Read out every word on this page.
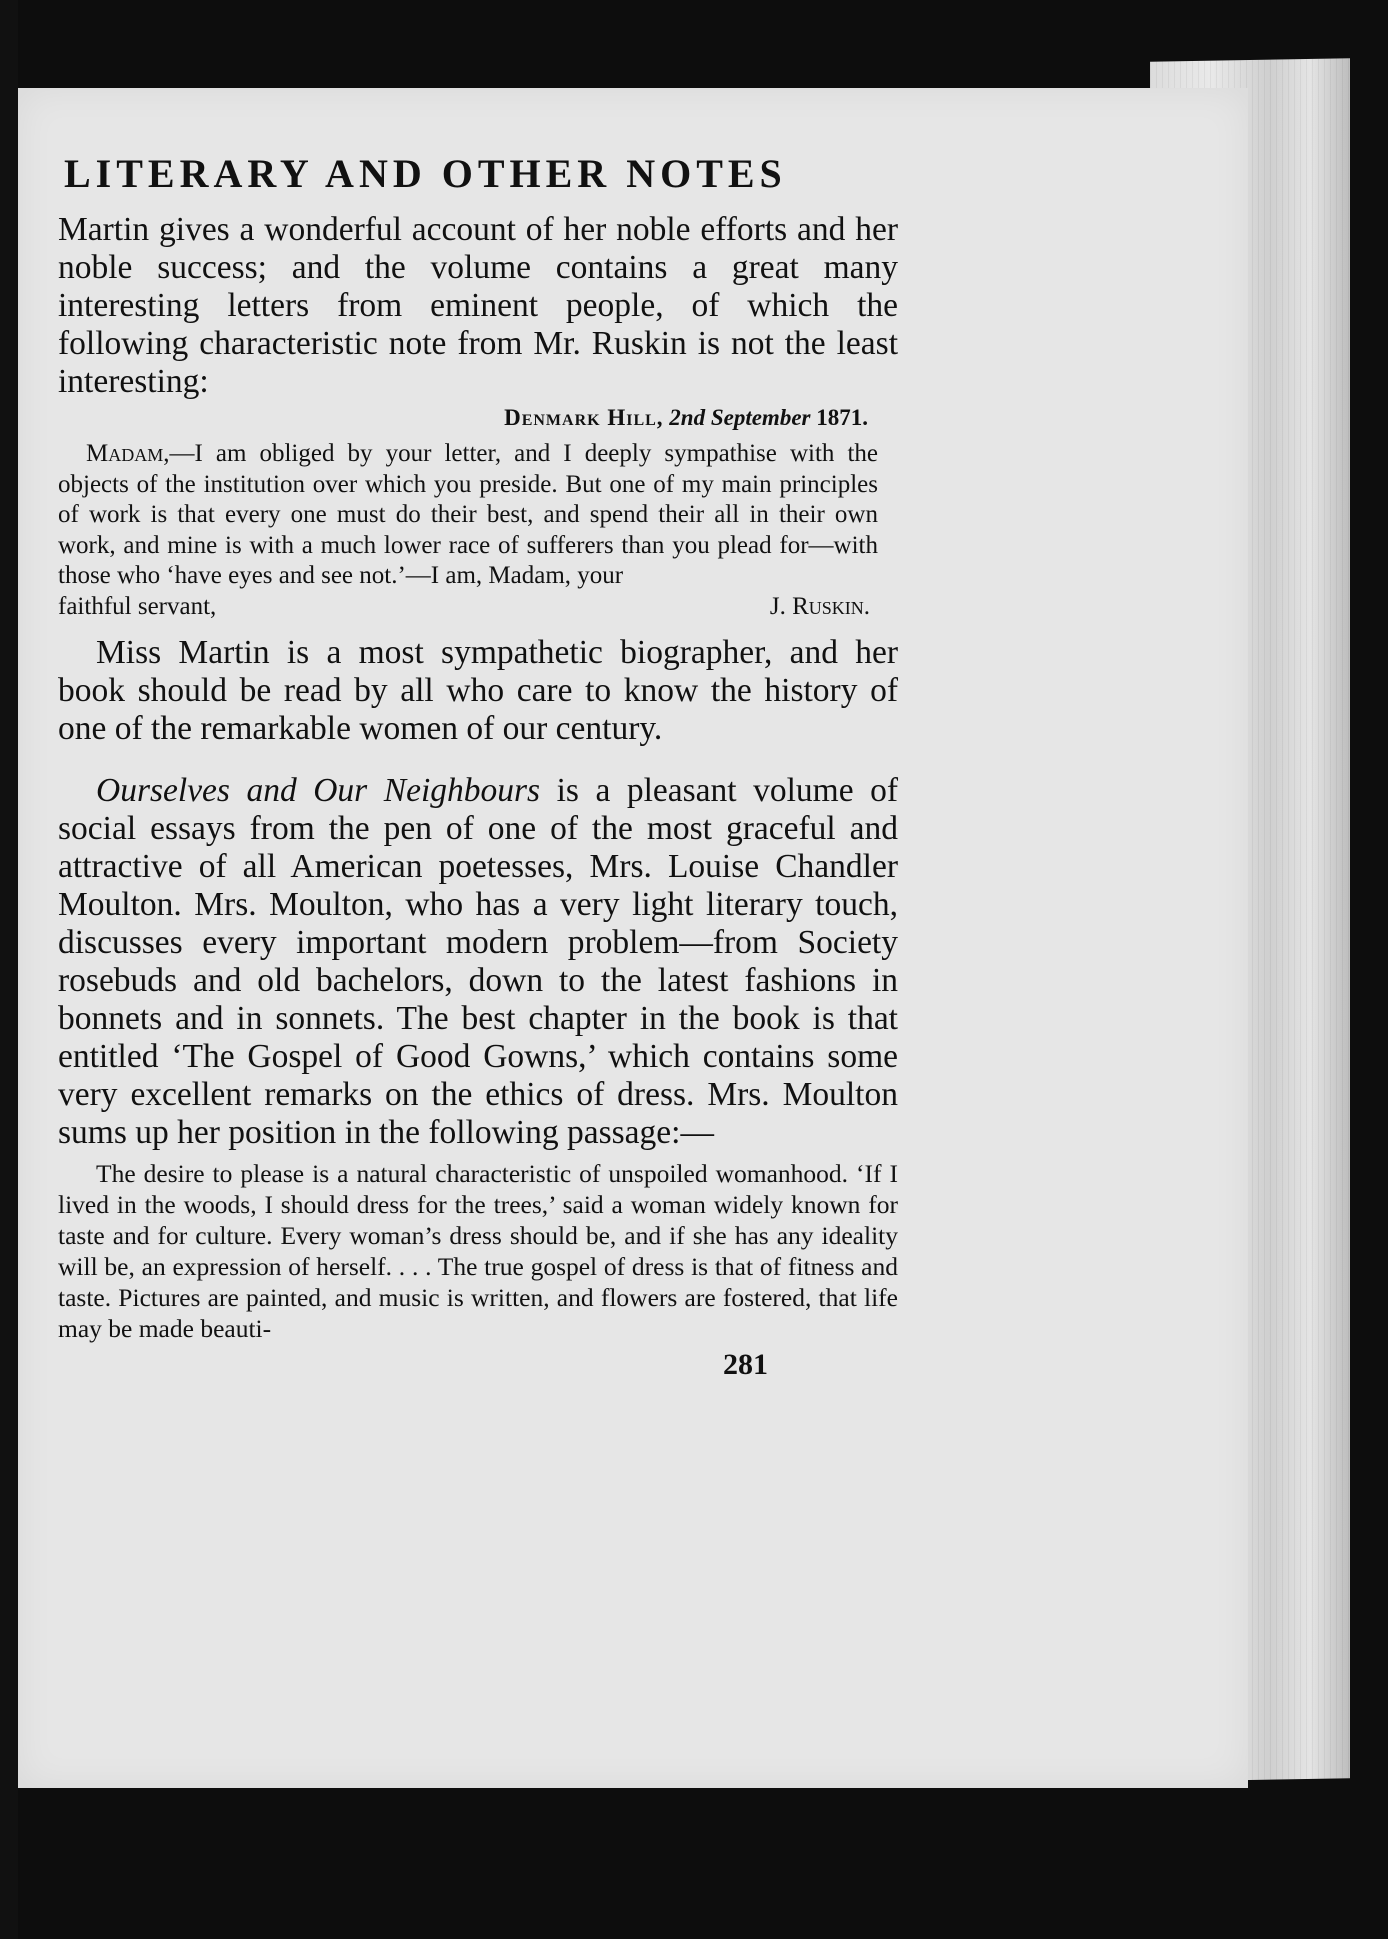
LITERARY AND OTHER NOTES

Martin gives a wonderful account of her noble efforts and her noble success; and the volume contains a great many interesting letters from eminent people, of which the following characteristic note from Mr. Ruskin is not the least interesting:

Denmark Hill, 2nd September 1871.

Madam,—I am obliged by your letter, and I deeply sympathise with the objects of the institution over which you preside. But one of my main principles of work is that every one must do their best, and spend their all in their own work, and mine is with a much lower race of sufferers than you plead for—with those who ‘have eyes and see not.’—I am, Madam, your

faithful servant,	J. Ruskin.

Miss Martin is a most sympathetic biographer, and her book should be read by all who care to know the history of one of the remarkable women of our century.

Ourselves and Our Neighbours is a pleasant volume of social essays from the pen of one of the most graceful and attractive of all American poetesses, Mrs. Louise Chandler Moulton. Mrs. Moulton, who has a very light literary touch, discusses every important modern problem—from Society rosebuds and old bachelors, down to the latest fashions in bonnets and in sonnets. The best chapter in the book is that entitled ‘The Gospel of Good Gowns,’ which contains some very excellent remarks on the ethics of dress. Mrs. Moulton sums up her position in the following passage:—

The desire to please is a natural characteristic of unspoiled womanhood. ‘If I lived in the woods, I should dress for the trees,’ said a woman widely known for taste and for culture. Every woman’s dress should be, and if she has any ideality will be, an expression of herself. . . . The true gospel of dress is that of fitness and taste. Pictures are painted, and music is written, and flowers are fostered, that life may be made beauti-

281
